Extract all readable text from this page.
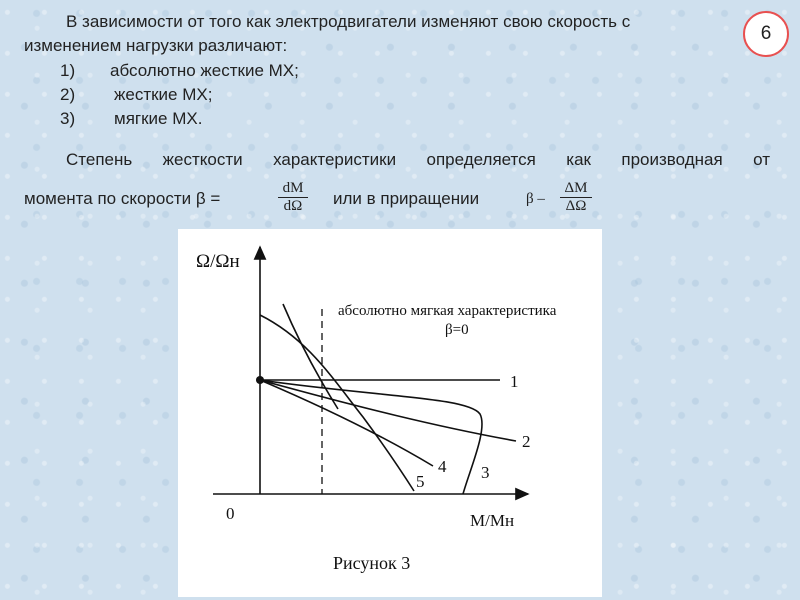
В зависимости от того как электродвигатели изменяют свою скорость с
изменением нагрузки различают:
1)	абсолютно жесткие МХ;
2)	жесткие МХ;
3)	мягкие МХ.
Степень жесткости характеристики определяется как производная от
момента по скорости β =	$\frac{dM}{d\Omega}$ или в приращении	β – $\frac{\Delta M}{\Delta\Omega}$
6
Ω/Ωн
M/Mн
0
абсолютно мягкая характеристика
β=0
1
2
3
4
5
Рисунок 3
